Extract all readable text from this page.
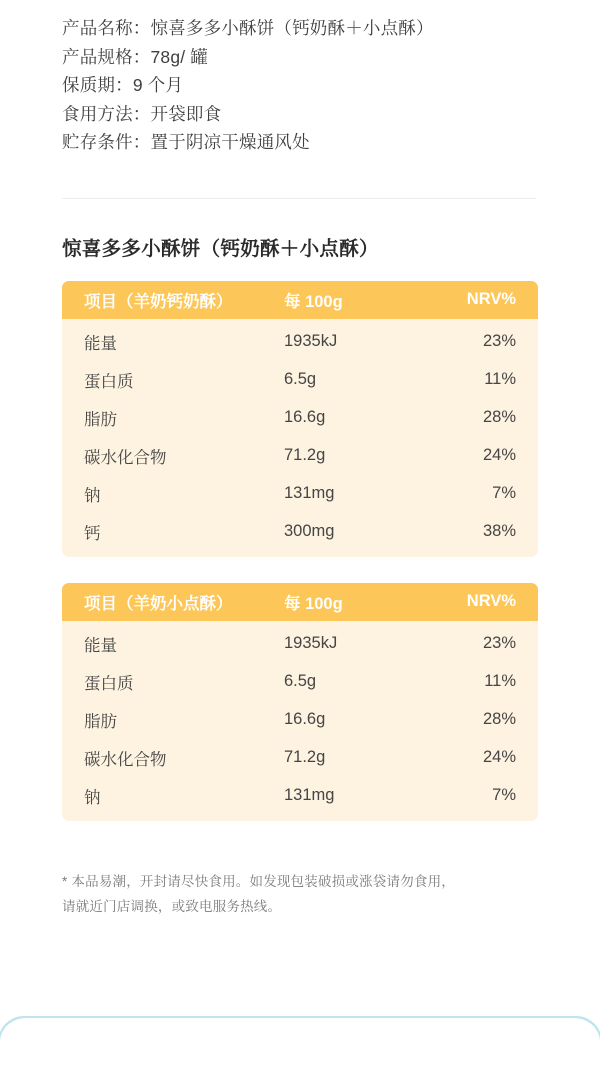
产品名称： 惊喜多多小酥饼（钙奶酥＋小点酥）
产品规格： 78g/ 罐
保质期： 9 个月
食用方法： 开袋即食
贮存条件： 置于阴凉干燥通风处
惊喜多多小酥饼（钙奶酥＋小点酥）
项目（羊奶钙奶酥）	每 100g	NRV%
能量	1935kJ	23%
蛋白质	6.5g	11%
脂肪	16.6g	28%
碳水化合物	71.2g	24%
钠	131mg	7%
钙	300mg	38%
项目（羊奶小点酥）	每 100g	NRV%
能量	1935kJ	23%
蛋白质	6.5g	11%
脂肪	16.6g	28%
碳水化合物	71.2g	24%
钠	131mg	7%
* 本品易潮，开封请尽快食用。如发现包装破损或涨袋请勿食用，
请就近门店调换，或致电服务热线。
